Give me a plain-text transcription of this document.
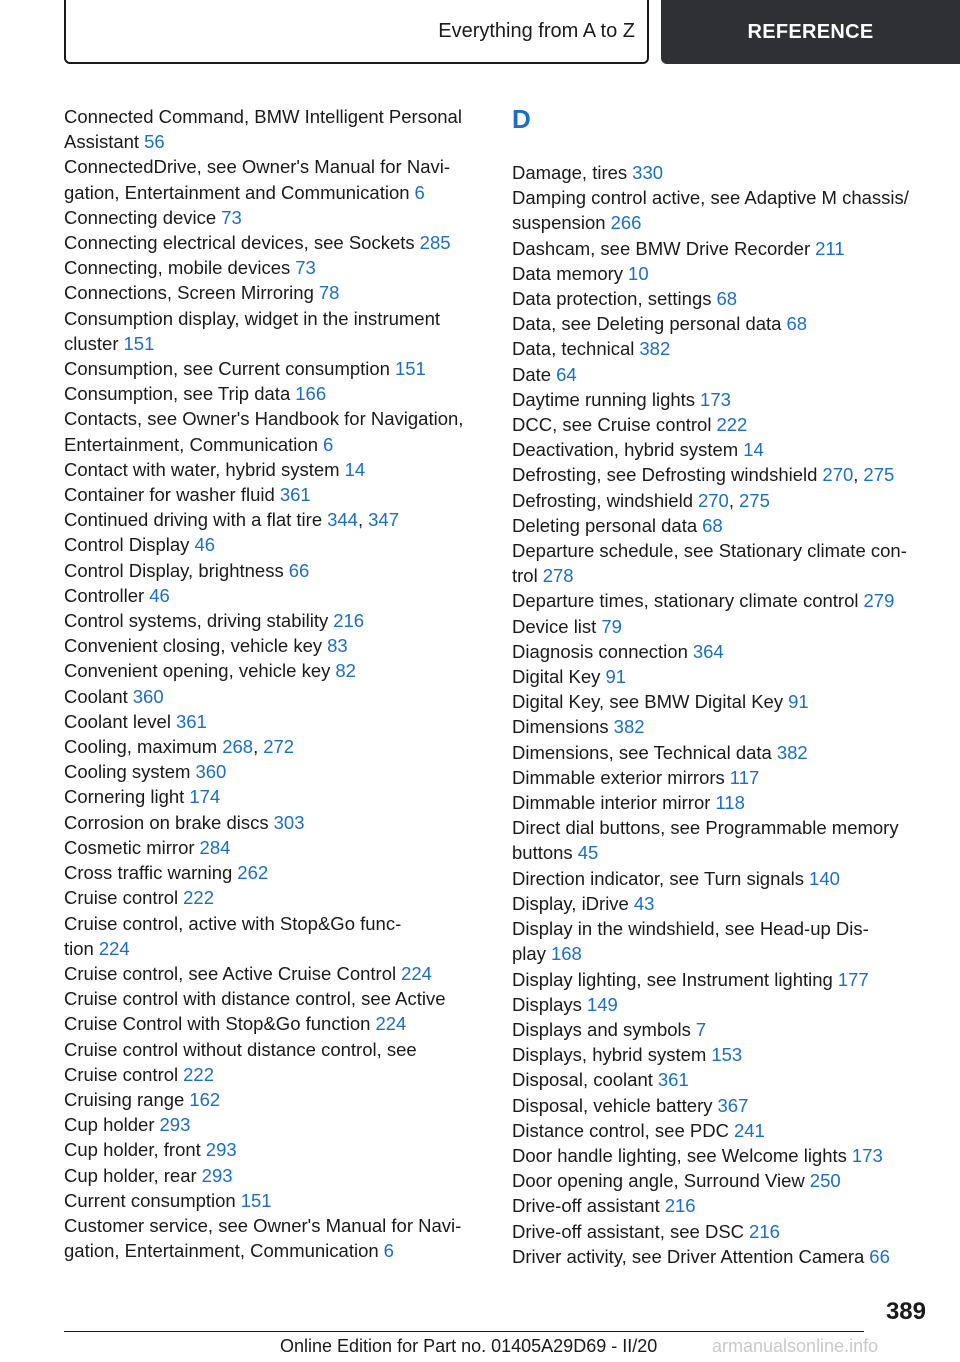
Everything from A to Z	REFERENCE
Connected Command, BMW Intelligent Personal
Assistant 56
ConnectedDrive, see Owner's Manual for Navi-
gation, Entertainment and Communication 6
Connecting device 73
Connecting electrical devices, see Sockets 285
Connecting, mobile devices 73
Connections, Screen Mirroring 78
Consumption display, widget in the instrument
cluster 151
Consumption, see Current consumption 151
Consumption, see Trip data 166
Contacts, see Owner's Handbook for Navigation,
Entertainment, Communication 6
Contact with water, hybrid system 14
Container for washer fluid 361
Continued driving with a flat tire 344, 347
Control Display 46
Control Display, brightness 66
Controller 46
Control systems, driving stability 216
Convenient closing, vehicle key 83
Convenient opening, vehicle key 82
Coolant 360
Coolant level 361
Cooling, maximum 268, 272
Cooling system 360
Cornering light 174
Corrosion on brake discs 303
Cosmetic mirror 284
Cross traffic warning 262
Cruise control 222
Cruise control, active with Stop&Go func-
tion 224
Cruise control, see Active Cruise Control 224
Cruise control with distance control, see Active
Cruise Control with Stop&Go function 224
Cruise control without distance control, see
Cruise control 222
Cruising range 162
Cup holder 293
Cup holder, front 293
Cup holder, rear 293
Current consumption 151
Customer service, see Owner's Manual for Navi-
gation, Entertainment, Communication 6
D
Damage, tires 330
Damping control active, see Adaptive M chassis/
suspension 266
Dashcam, see BMW Drive Recorder 211
Data memory 10
Data protection, settings 68
Data, see Deleting personal data 68
Data, technical 382
Date 64
Daytime running lights 173
DCC, see Cruise control 222
Deactivation, hybrid system 14
Defrosting, see Defrosting windshield 270, 275
Defrosting, windshield 270, 275
Deleting personal data 68
Departure schedule, see Stationary climate con-
trol 278
Departure times, stationary climate control 279
Device list 79
Diagnosis connection 364
Digital Key 91
Digital Key, see BMW Digital Key 91
Dimensions 382
Dimensions, see Technical data 382
Dimmable exterior mirrors 117
Dimmable interior mirror 118
Direct dial buttons, see Programmable memory
buttons 45
Direction indicator, see Turn signals 140
Display, iDrive 43
Display in the windshield, see Head-up Dis-
play 168
Display lighting, see Instrument lighting 177
Displays 149
Displays and symbols 7
Displays, hybrid system 153
Disposal, coolant 361
Disposal, vehicle battery 367
Distance control, see PDC 241
Door handle lighting, see Welcome lights 173
Door opening angle, Surround View 250
Drive-off assistant 216
Drive-off assistant, see DSC 216
Driver activity, see Driver Attention Camera 66
389
Online Edition for Part no. 01405A29D69 - II/20	armanualsonline.info
